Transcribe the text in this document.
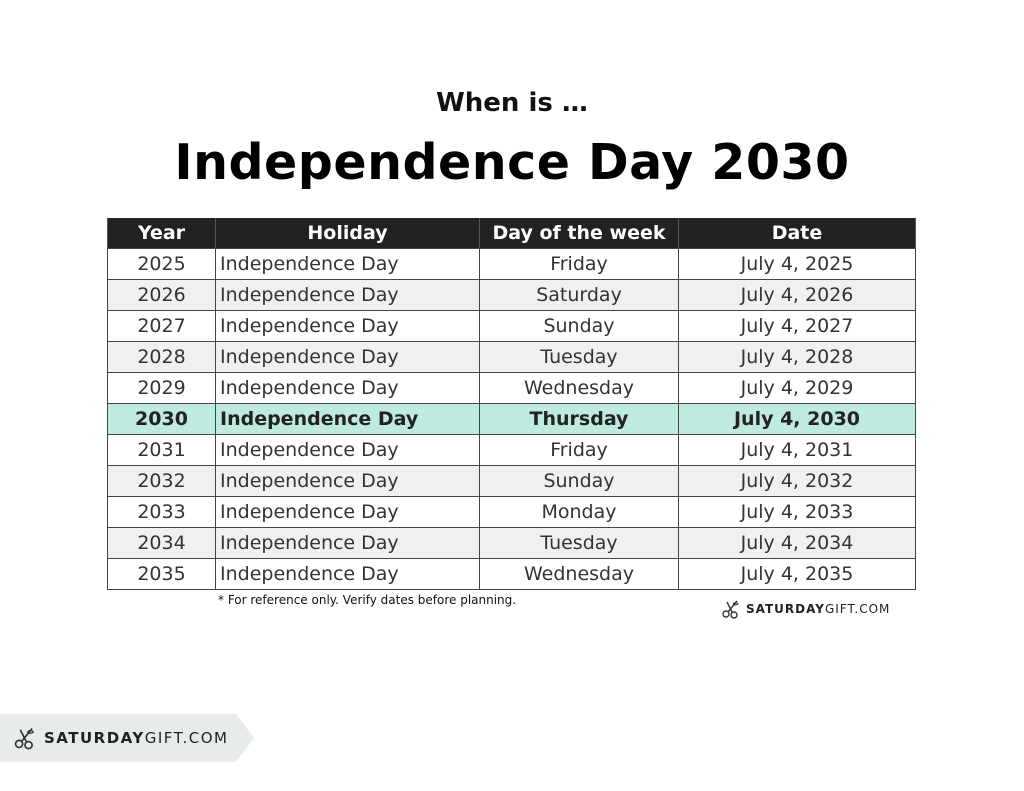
When is …
Independence Day 2030
Year	Holiday	Day of the week	Date
2025	Independence Day	Friday	July 4, 2025
2026	Independence Day	Saturday	July 4, 2026
2027	Independence Day	Sunday	July 4, 2027
2028	Independence Day	Tuesday	July 4, 2028
2029	Independence Day	Wednesday	July 4, 2029
2030	Independence Day	Thursday	July 4, 2030
2031	Independence Day	Friday	July 4, 2031
2032	Independence Day	Sunday	July 4, 2032
2033	Independence Day	Monday	July 4, 2033
2034	Independence Day	Tuesday	July 4, 2034
2035	Independence Day	Wednesday	July 4, 2035
* For reference only. Verify dates before planning.
SATURDAYGIFT.COM
SATURDAYGIFT.COM
